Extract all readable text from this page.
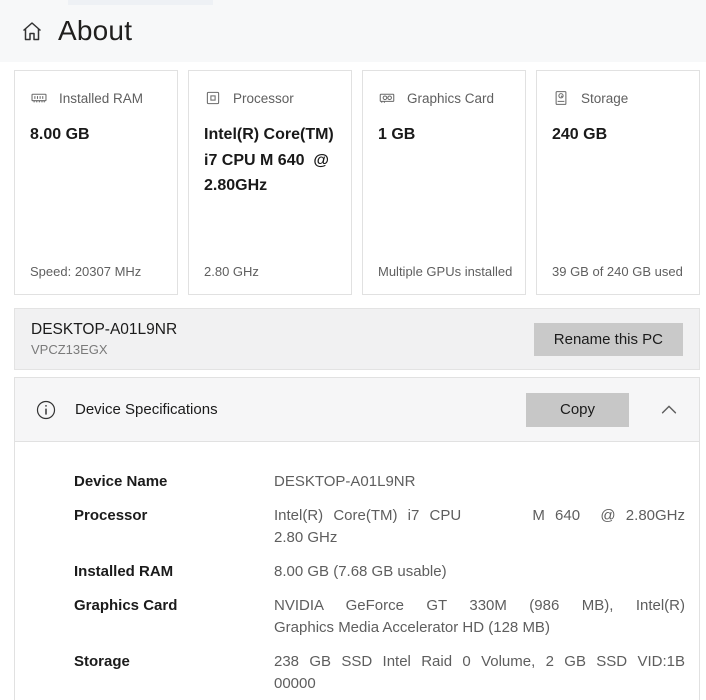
About
Installed RAM
8.00 GB
Speed: 20307 MHz
Processor
Intel(R) Core(TM) i7 CPU M 640  @ 2.80GHz
2.80 GHz
Graphics Card
1 GB
Multiple GPUs installed
Storage
240 GB
39 GB of 240 GB used
DESKTOP-A01L9NR
VPCZ13EGX
Rename this PC
Device Specifications	Copy
Device Name	DESKTOP-A01L9NR
Processor	Intel(R) Core(TM) i7 CPU       M 640  @ 2.80GHz
2.80 GHz
Installed RAM	8.00 GB (7.68 GB usable)
Graphics Card	NVIDIA GeForce GT 330M (986 MB), Intel(R)
Graphics Media Accelerator HD (128 MB)
Storage	238 GB SSD Intel Raid 0 Volume, 2 GB SSD VID:1B
00000
